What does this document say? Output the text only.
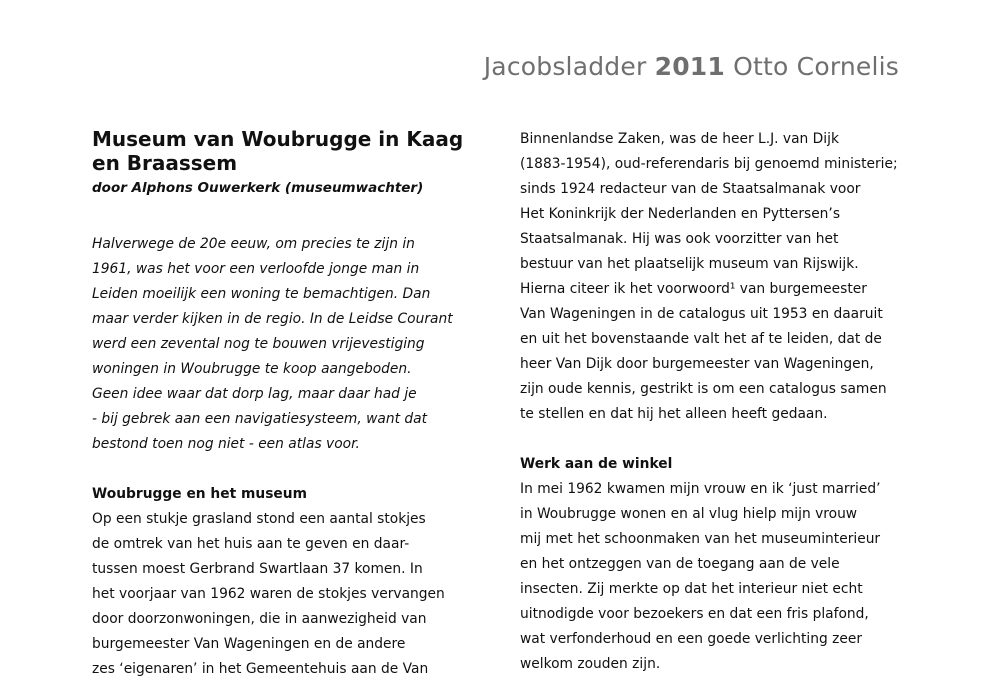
Jacobsladder 2011 Otto Cornelis
Museum van Woubrugge in Kaag
en Braassem
door Alphons Ouwerkerk (museumwachter)
Halverwege de 20e eeuw, om precies te zijn in
1961, was het voor een verloofde jonge man in
Leiden moeilijk een woning te bemachtigen. Dan
maar verder kijken in de regio. In de Leidse Courant
werd een zevental nog te bouwen vrijevestiging
woningen in Woubrugge te koop aangeboden.
Geen idee waar dat dorp lag, maar daar had je
- bij gebrek aan een navigatiesysteem, want dat
bestond toen nog niet - een atlas voor.
Woubrugge en het museum
Op een stukje grasland stond een aantal stokjes
de omtrek van het huis aan te geven en daar-
tussen moest Gerbrand Swartlaan 37 komen. In
het voorjaar van 1962 waren de stokjes vervangen
door doorzonwoningen, die in aanwezigheid van
burgemeester Van Wageningen en de andere
zes ‘eigenaren’ in het Gemeentehuis aan de Van
Binnenlandse Zaken, was de heer L.J. van Dijk
(1883-1954), oud-referendaris bij genoemd ministerie;
sinds 1924 redacteur van de Staatsalmanak voor
Het Koninkrijk der Nederlanden en Pyttersen’s
Staatsalmanak. Hij was ook voorzitter van het
bestuur van het plaatselijk museum van Rijswijk.
Hierna citeer ik het voorwoord¹ van burgemeester
Van Wageningen in de catalogus uit 1953 en daaruit
en uit het bovenstaande valt het af te leiden, dat de
heer Van Dijk door burgemeester van Wageningen,
zijn oude kennis, gestrikt is om een catalogus samen
te stellen en dat hij het alleen heeft gedaan.
Werk aan de winkel
In mei 1962 kwamen mijn vrouw en ik ‘just married’
in Woubrugge wonen en al vlug hielp mijn vrouw
mij met het schoonmaken van het museuminterieur
en het ontzeggen van de toegang aan de vele
insecten. Zij merkte op dat het interieur niet echt
uitnodigde voor bezoekers en dat een fris plafond,
wat verfonderhoud en een goede verlichting zeer
welkom zouden zijn.
